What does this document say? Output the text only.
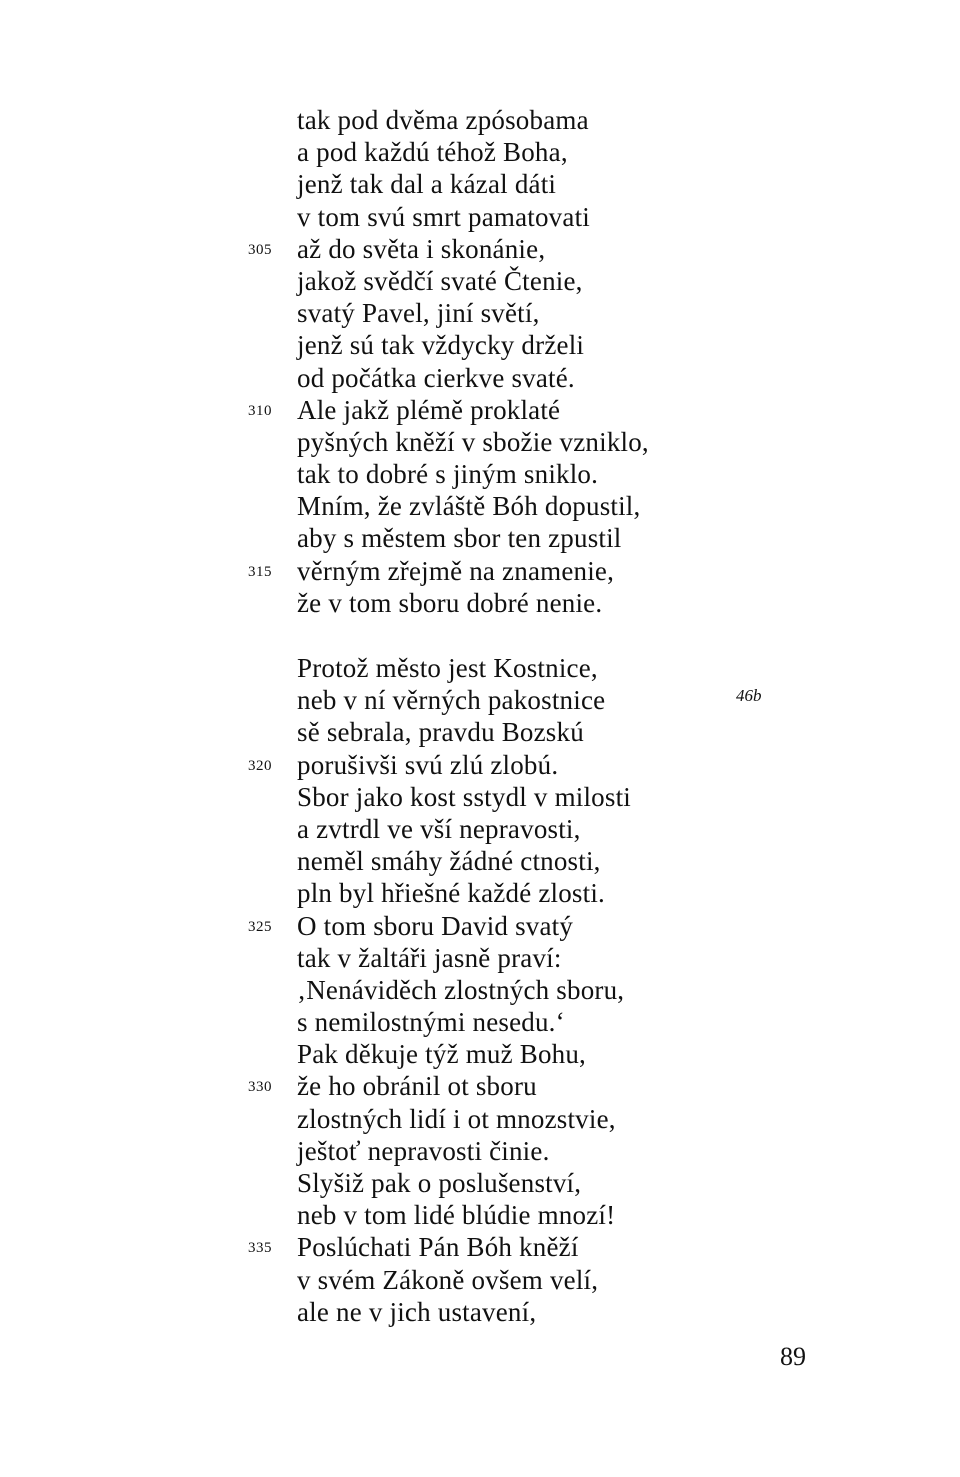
tak pod dvěma zpósobama
a pod každú téhož Boha,
jenž tak dal a kázal dáti
v tom svú smrt pamatovati
305 až do světa i skonánie,
jakož svědčí svaté Čtenie,
svatý Pavel, jiní světí,
jenž sú tak vždycky drželi
od počátka cierkve svaté.
310 Ale jakž plémě proklaté
pyšných kněží v sbožie vzniklo,
tak to dobré s jiným sniklo.
Mním, že zvláště Bóh dopustil,
aby s městem sbor ten zpustil
315 věrným zřejmě na znamenie,
že v tom sboru dobré nenie.
Protož město jest Kostnice,
neb v ní věrných pakostnice
sě sebrala, pravdu Bozskú
320 porušivši svú zlú zlobú.
Sbor jako kost sstydl v milosti
a zvtrdl ve vší nepravosti,
neměl smáhy žádné ctnosti,
pln byl hřiešné každé zlosti.
325 O tom sboru David svatý
tak v žaltáři jasně praví:
‚Nenáviděch zlostných sboru,
s nemilostnými nesedu.‘
Pak děkuje týž muž Bohu,
330 že ho obránil ot sboru
zlostných lidí i ot mnozstvie,
ještoť nepravosti činie.
Slyšiž pak o poslušenství,
neb v tom lidé blúdie mnozí!
335 Poslúchati Pán Bóh kněží
v svém Zákoně ovšem velí,
ale ne v jich ustavení,
46b
89
